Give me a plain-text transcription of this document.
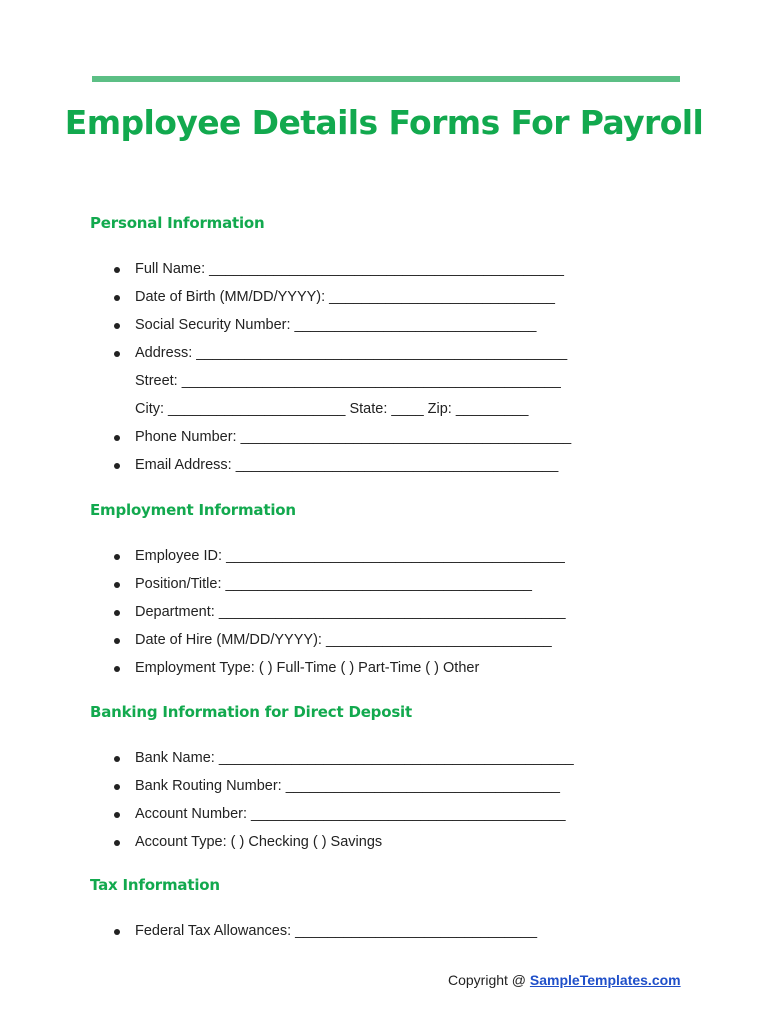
Employee Details Forms For Payroll
Personal Information
Full Name: ____________________________________________
Date of Birth (MM/DD/YYYY): ____________________________
Social Security Number: ______________________________
Address: ______________________________________________
Street: _______________________________________________
City: ______________________ State: ____ Zip: _________
Phone Number: _________________________________________
Email Address: ________________________________________
Employment Information
Employee ID: __________________________________________
Position/Title: ______________________________________
Department: ___________________________________________
Date of Hire (MM/DD/YYYY): ____________________________
Employment Type: ( ) Full-Time ( ) Part-Time ( ) Other
Banking Information for Direct Deposit
Bank Name: ____________________________________________
Bank Routing Number: __________________________________
Account Number: _______________________________________
Account Type: ( ) Checking ( ) Savings
Tax Information
Federal Tax Allowances: ______________________________
Copyright @ SampleTemplates.com
